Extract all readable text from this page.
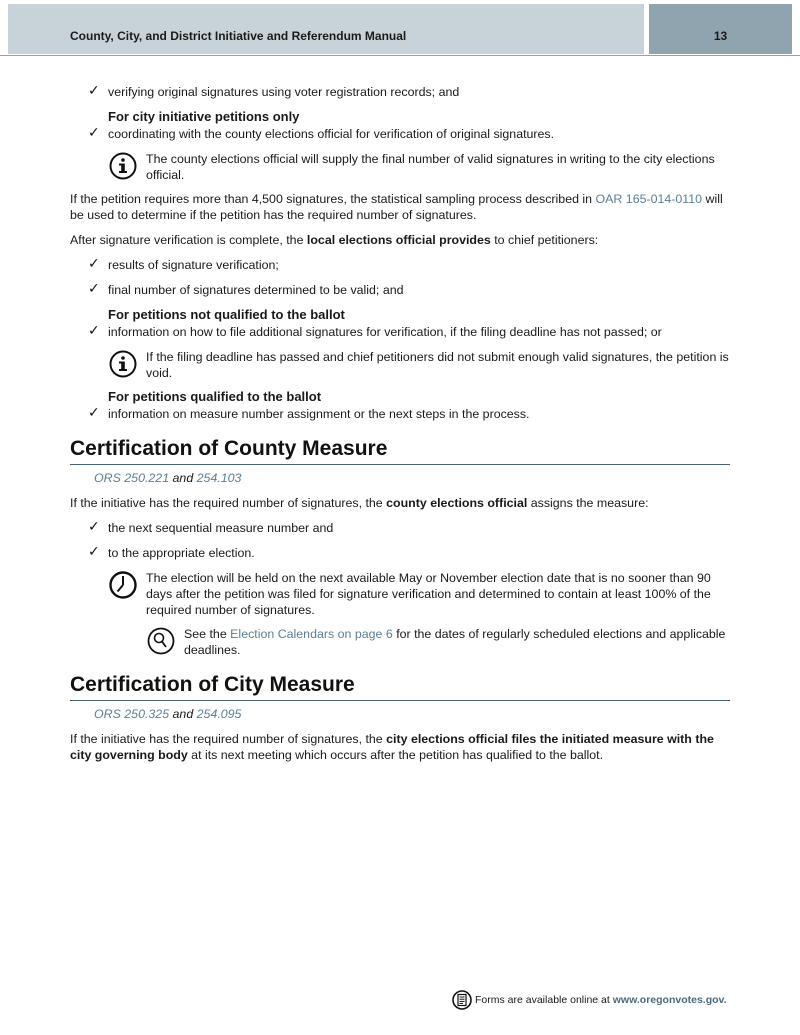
County, City, and District Initiative and Referendum Manual	13
✓ verifying original signatures using voter registration records; and
For city initiative petitions only
✓ coordinating with the county elections official for verification of original signatures.
The county elections official will supply the final number of valid signatures in writing to the city elections official.

If the petition requires more than 4,500 signatures, the statistical sampling process described in OAR 165-014-0110 will be used to determine if the petition has the required number of signatures.

After signature verification is complete, the local elections official provides to chief petitioners:

✓ results of signature verification;
✓ final number of signatures determined to be valid; and
For petitions not qualified to the ballot
✓ information on how to file additional signatures for verification, if the filing deadline has not passed; or
If the filing deadline has passed and chief petitioners did not submit enough valid signatures, the petition is void.
For petitions qualified to the ballot
✓ information on measure number assignment or the next steps in the process.
Certification of County Measure
ORS 250.221 and 254.103

If the initiative has the required number of signatures, the county elections official assigns the measure:

✓ the next sequential measure number and
✓ to the appropriate election.
The election will be held on the next available May or November election date that is no sooner than 90 days after the petition was filed for signature verification and determined to contain at least 100% of the required number of signatures.
See the Election Calendars on page 6 for the dates of regularly scheduled elections and applicable deadlines.
Certification of City Measure
ORS 250.325 and 254.095

If the initiative has the required number of signatures, the city elections official files the initiated measure with the city governing body at its next meeting which occurs after the petition has qualified to the ballot.

Forms are available online at www.oregonvotes.gov.
